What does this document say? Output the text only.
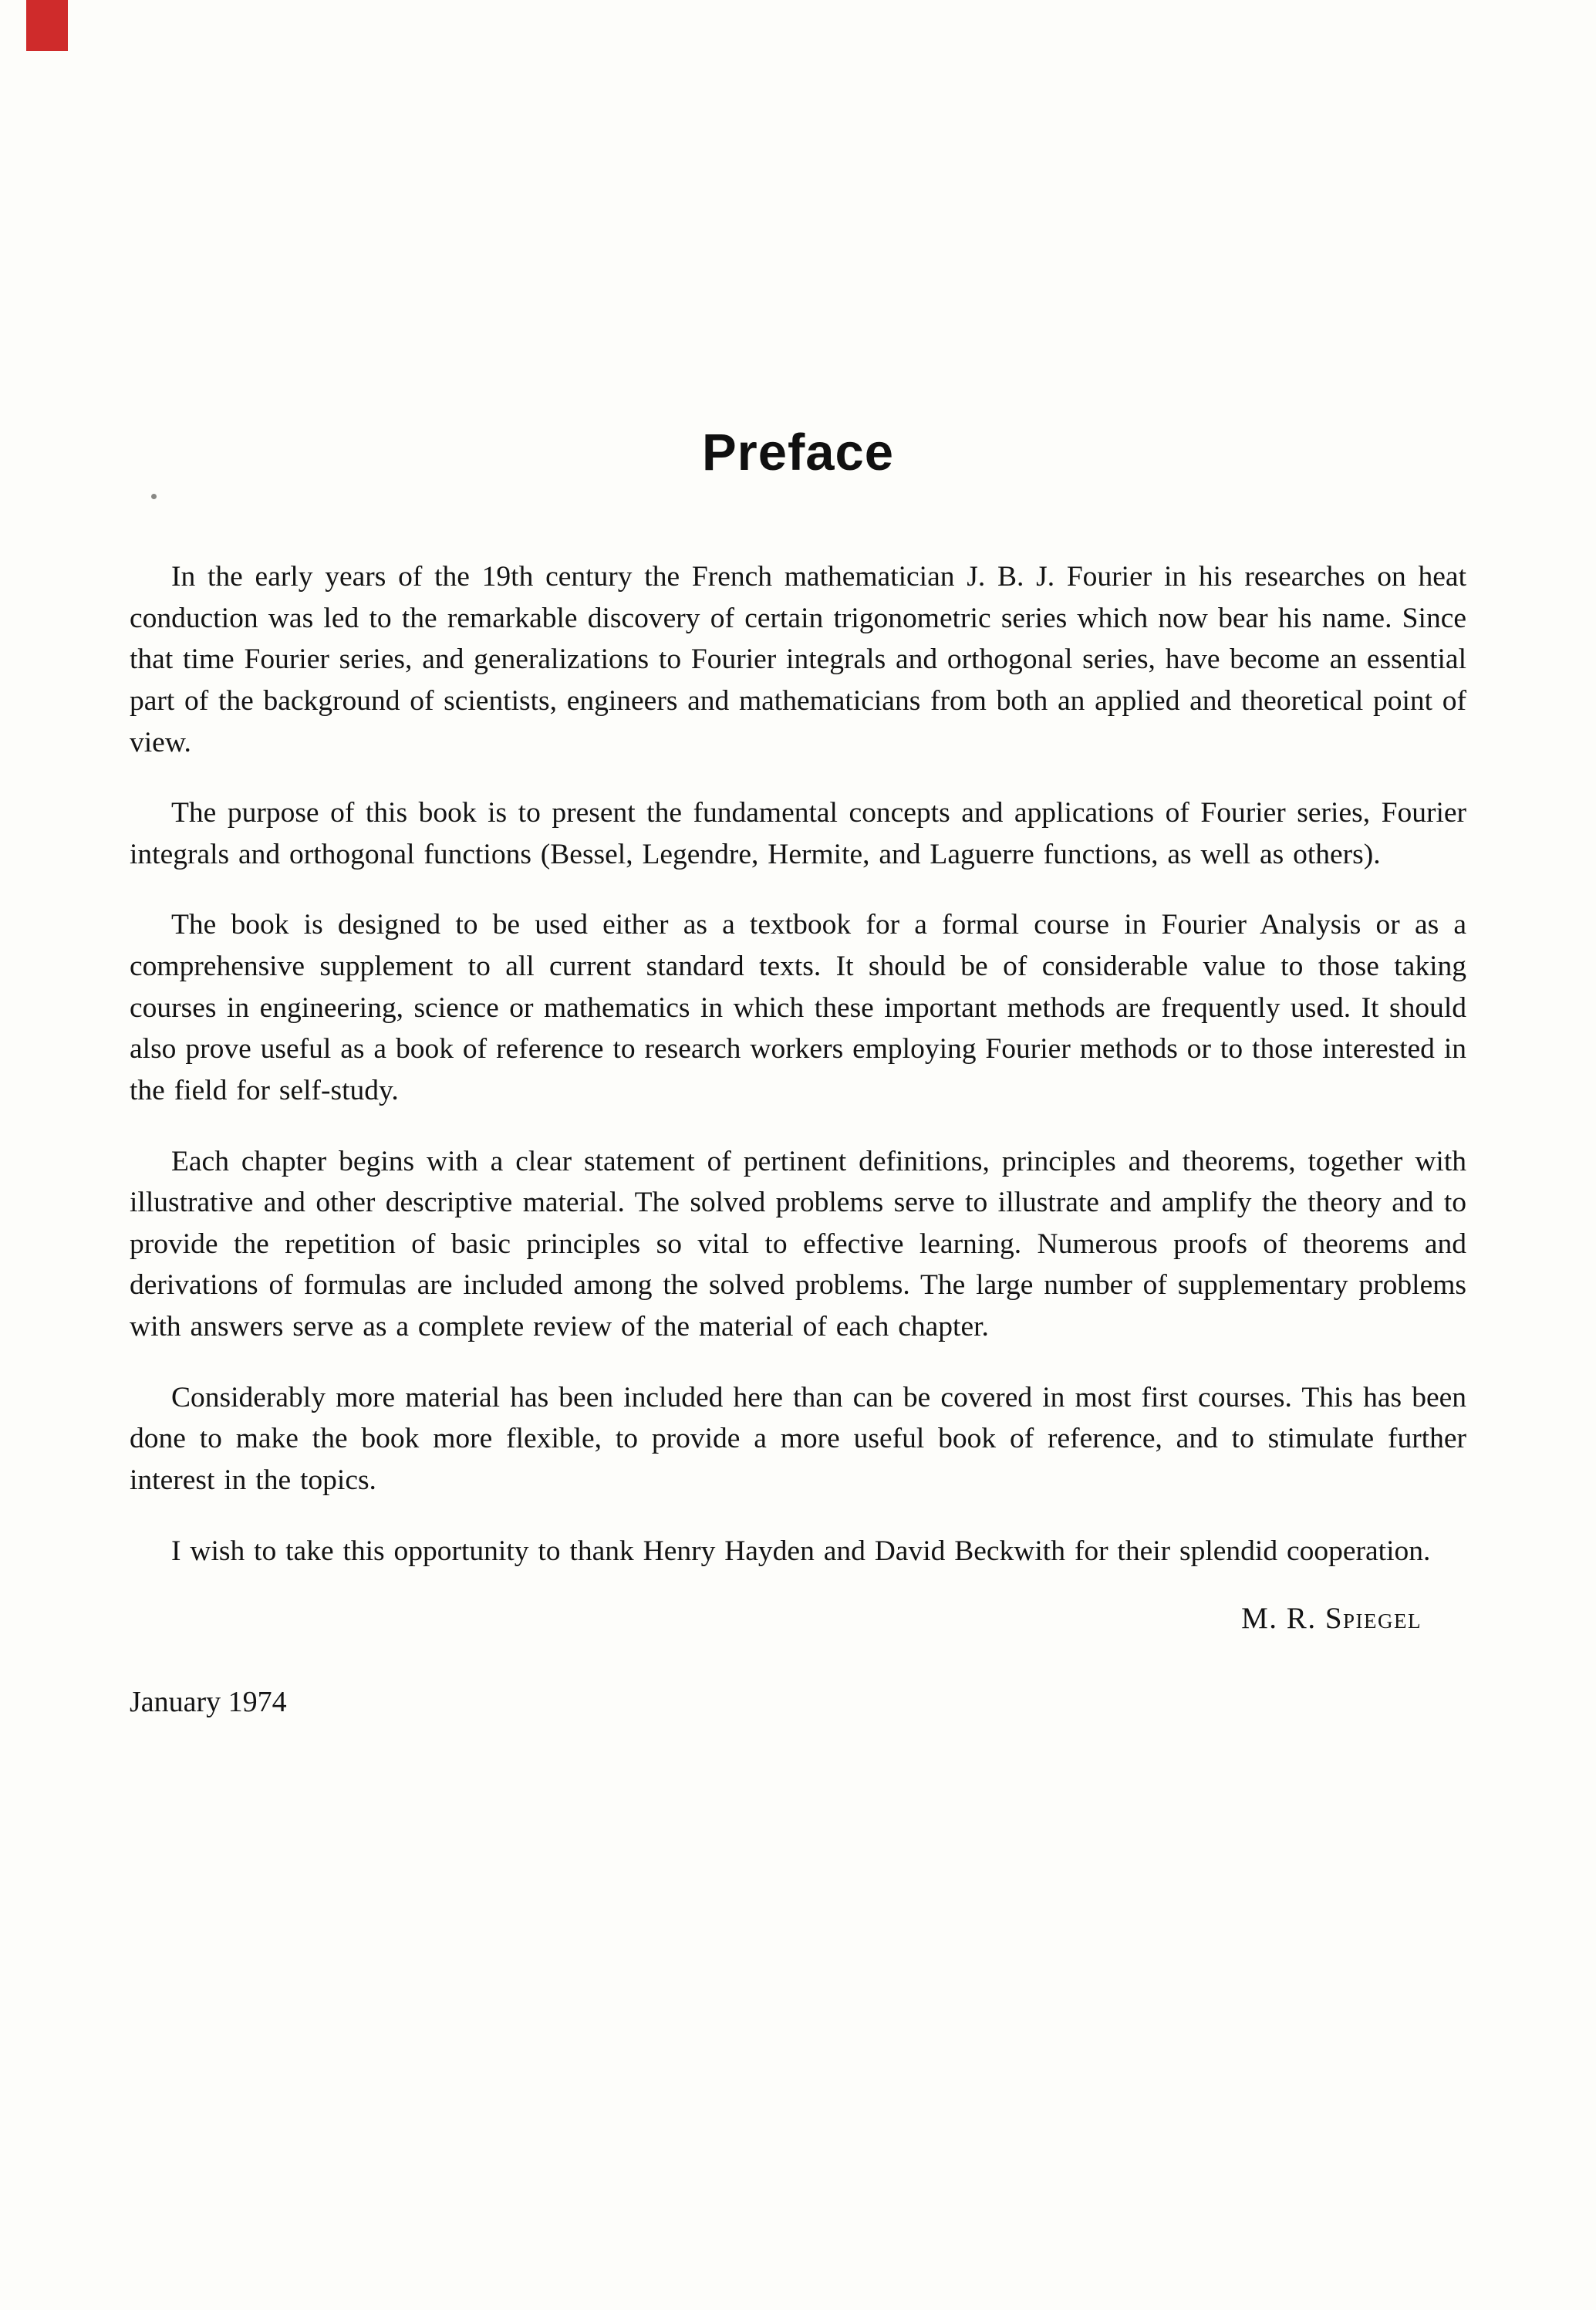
Preface

In the early years of the 19th century the French mathematician J. B. J. Fourier in his researches on heat conduction was led to the remarkable discovery of certain trigonometric series which now bear his name. Since that time Fourier series, and generalizations to Fourier integrals and orthogonal series, have become an essential part of the background of scientists, engineers and mathematicians from both an applied and theoretical point of view.

The purpose of this book is to present the fundamental concepts and applications of Fourier series, Fourier integrals and orthogonal functions (Bessel, Legendre, Hermite, and Laguerre functions, as well as others).

The book is designed to be used either as a textbook for a formal course in Fourier Analysis or as a comprehensive supplement to all current standard texts. It should be of considerable value to those taking courses in engineering, science or mathematics in which these important methods are frequently used. It should also prove useful as a book of reference to research workers employing Fourier methods or to those interested in the field for self-study.

Each chapter begins with a clear statement of pertinent definitions, principles and theorems, together with illustrative and other descriptive material. The solved problems serve to illustrate and amplify the theory and to provide the repetition of basic principles so vital to effective learning. Numerous proofs of theorems and derivations of formulas are included among the solved problems. The large number of supplementary problems with answers serve as a complete review of the material of each chapter.

Considerably more material has been included here than can be covered in most first courses. This has been done to make the book more flexible, to provide a more useful book of reference, and to stimulate further interest in the topics.

I wish to take this opportunity to thank Henry Hayden and David Beckwith for their splendid cooperation.

M. R. Spiegel

January 1974
